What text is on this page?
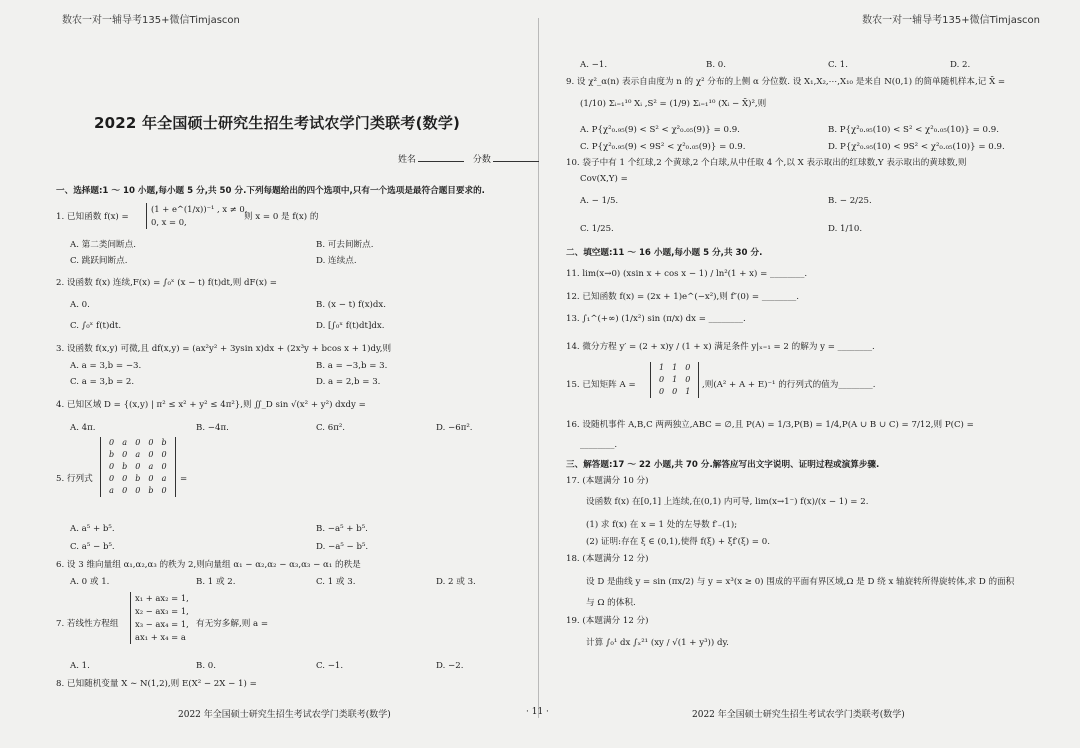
数农一对一辅导考135+微信Timjascon	数农一对一辅导考135+微信Timjascon
2022 年全国硕士研究生招生考试农学门类联考(数学)
姓名	分数
一、选择题:1 ～ 10 小题,每小题 5 分,共 50 分.下列每题给出的四个选项中,只有一个选项是最符合题目要求的.
1. 已知函数 f(x) =
(1 + e^(1/x))⁻¹ , x ≠ 0,
0, x = 0,
则 x = 0 是 f(x) 的
A. 第二类间断点.	B. 可去间断点.
C. 跳跃间断点.	D. 连续点.
2. 设函数 f(x) 连续,F(x) = ∫₀ˣ (x − t) f(t)dt,则 dF(x) =
A. 0.	B. (x − t) f(x)dx.
C. ∫₀ˣ f(t)dt.	D. [∫₀ˣ f(t)dt]dx.
3. 设函数 f(x,y) 可微,且 df(x,y) = (ax²y² + 3ysin x)dx + (2x³y + bcos x + 1)dy,则
A. a = 3,b = −3.	B. a = −3,b = 3.
C. a = 3,b = 2.	D. a = 2,b = 3.
4. 已知区域 D = {(x,y) | π² ≤ x² + y² ≤ 4π²},则 ∬_D sin √(x² + y²) dxdy =
A. 4π.	B. −4π.	C. 6π².	D. −6π².
5. 行列式
0	a	0	0	b
b	0	a	0	0
0	b	0	a	0
0	0	b	0	a
a	0	0	b	0
=
A. a⁵ + b⁵.	B. −a⁵ + b⁵.
C. a⁵ − b⁵.	D. −a⁵ − b⁵.
6. 设 3 维向量组 α₁,α₂,α₃ 的秩为 2,则向量组 α₁ − α₂,α₂ − α₃,α₃ − α₁ 的秩是
A. 0 或 1.	B. 1 或 2.	C. 1 或 3.	D. 2 或 3.
7. 若线性方程组
x₁ + ax₂ = 1,
x₂ − ax₃ = 1,
x₃ − ax₄ = 1,
ax₁ + x₄ = a
有无穷多解,则 a =
A. 1.	B. 0.	C. −1.	D. −2.
8. 已知随机变量 X ∼ N(1,2),则 E(X² − 2X − 1) =
A. −1.	B. 0.	C. 1.	D. 2.
9. 设 χ²_α(n) 表示自由度为 n 的 χ² 分布的上侧 α 分位数. 设 X₁,X₂,⋯,X₁₀ 是来自 N(0,1) 的简单随机样本,记 X̄ =
(1/10) Σᵢ₌₁¹⁰ Xᵢ ,S² = (1/9) Σᵢ₌₁¹⁰ (Xᵢ − X̄)²,则
A. P{χ²₀.₉₅(9) < S² < χ²₀.₀₅(9)} = 0.9.	B. P{χ²₀.₉₅(10) < S² < χ²₀.₀₅(10)} = 0.9.
C. P{χ²₀.₉₅(9) < 9S² < χ²₀.₀₅(9)} = 0.9.	D. P{χ²₀.₉₅(10) < 9S² < χ²₀.₀₅(10)} = 0.9.
10. 袋子中有 1 个红球,2 个黄球,2 个白球,从中任取 4 个,以 X 表示取出的红球数,Y 表示取出的黄球数,则
Cov(X,Y) =
A. − 1/5.	B. − 2/25.
C. 1/25.	D. 1/10.
二、填空题:11 ～ 16 小题,每小题 5 分,共 30 分.
11. lim(x→0) (xsin x + cos x − 1) / ln²(1 + x) = ________.
12. 已知函数 f(x) = (2x + 1)e^(−x²),则 f″(0) = ________.
13. ∫₁^(+∞) (1/x²) sin (π/x) dx = ________.
14. 微分方程 y′ = (2 + x)y / (1 + x) 满足条件 y|ₓ₌₁ = 2 的解为 y = ________.
15. 已知矩阵 A =
1	1	0
0	1	0
0	0	1
,则(A² + A + E)⁻¹ 的行列式的值为________.
16. 设随机事件 A,B,C 两两独立,ABC = ∅,且 P(A) = 1/3,P(B) = 1/4,P(A ∪ B ∪ C) = 7/12,则 P(C) =
________.
三、解答题:17 ～ 22 小题,共 70 分.解答应写出文字说明、证明过程或演算步骤.
17. (本题满分 10 分)
设函数 f(x) 在[0,1] 上连续,在(0,1) 内可导, lim(x→1⁻) f(x)/(x − 1) = 2.
(1) 求 f(x) 在 x = 1 处的左导数 f′₋(1);
(2) 证明:存在 ξ ∈ (0,1),使得 f(ξ) + ξf′(ξ) = 0.
18. (本题满分 12 分)
设 D 是曲线 y = sin (πx/2) 与 y = x³(x ≥ 0) 围成的平面有界区域,Ω 是 D 绕 x 轴旋转所得旋转体,求 D 的面积
与 Ω 的体积.
19. (本题满分 12 分)
计算 ∫₀¹ dx ∫ₓ²¹ (xy / √(1 + y³)) dy.
2022 年全国硕士研究生招生考试农学门类联考(数学)	· 11 ·	2022 年全国硕士研究生招生考试农学门类联考(数学)
